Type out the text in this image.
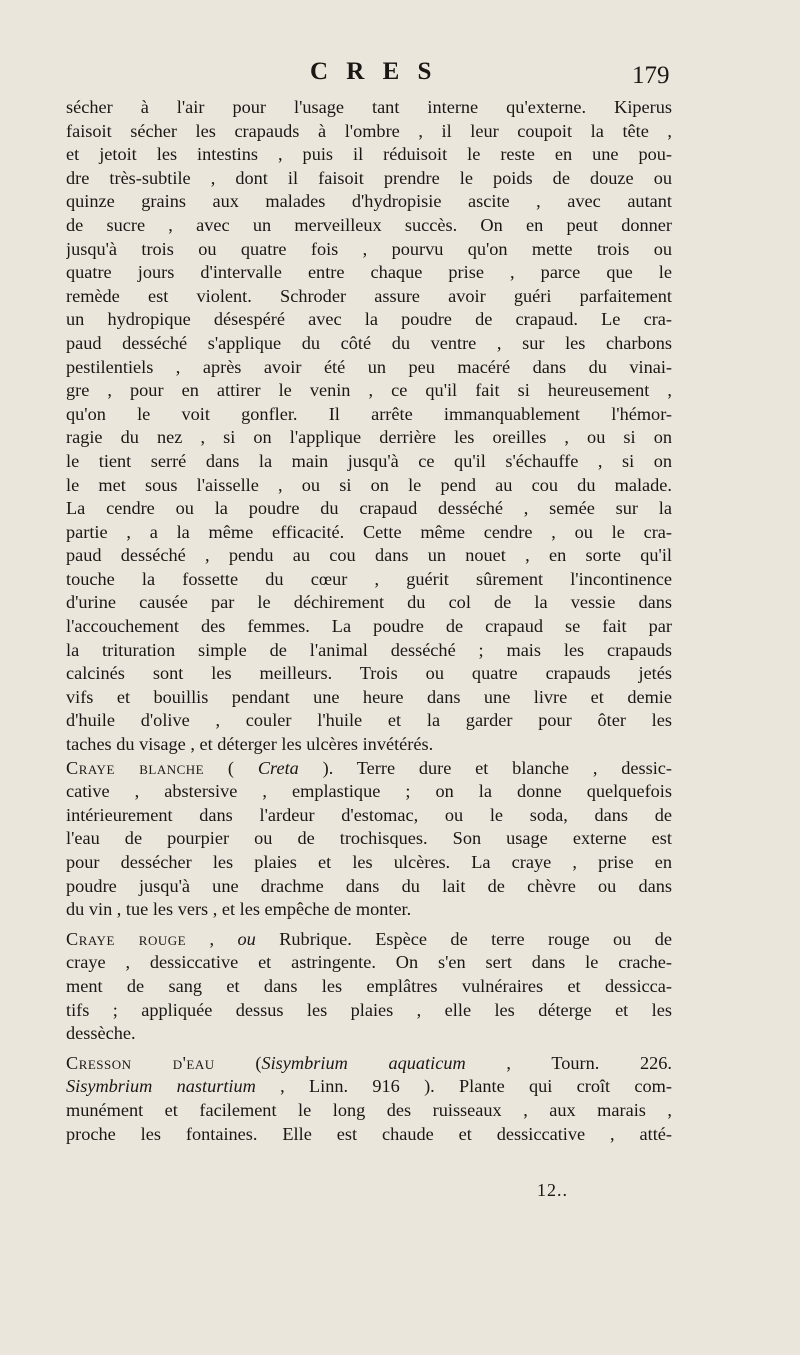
C R E S	179
sécher à l'air pour l'usage tant interne qu'externe. Kiperus
faisoit sécher les crapauds à l'ombre , il leur coupoit la tête ,
et jetoit les intestins , puis il réduisoit le reste en une pou-
dre très-subtile , dont il faisoit prendre le poids de douze ou
quinze grains aux malades d'hydropisie ascite , avec autant
de sucre , avec un merveilleux succès. On en peut donner
jusqu'à trois ou quatre fois , pourvu qu'on mette trois ou
quatre jours d'intervalle entre chaque prise , parce que le
remède est violent. Schroder assure avoir guéri parfaitement
un hydropique désespéré avec la poudre de crapaud. Le cra-
paud desséché s'applique du côté du ventre , sur les charbons
pestilentiels , après avoir été un peu macéré dans du vinai-
gre , pour en attirer le venin , ce qu'il fait si heureusement ,
qu'on le voit gonfler. Il arrête immanquablement l'hémor-
ragie du nez , si on l'applique derrière les oreilles , ou si on
le tient serré dans la main jusqu'à ce qu'il s'échauffe , si on
le met sous l'aisselle , ou si on le pend au cou du malade.
La cendre ou la poudre du crapaud desséché , semée sur la
partie , a la même efficacité. Cette même cendre , ou le cra-
paud desséché , pendu au cou dans un nouet , en sorte qu'il
touche la fossette du cœur , guérit sûrement l'incontinence
d'urine causée par le déchirement du col de la vessie dans
l'accouchement des femmes. La poudre de crapaud se fait par
la trituration simple de l'animal desséché ; mais les crapauds
calcinés sont les meilleurs. Trois ou quatre crapauds jetés
vifs et bouillis pendant une heure dans une livre et demie
d'huile d'olive , couler l'huile et la garder pour ôter les
taches du visage , et déterger les ulcères invétérés.
Craye blanche ( Creta ). Terre dure et blanche , dessic-
cative , abstersive , emplastique ; on la donne quelquefois
intérieurement dans l'ardeur d'estomac, ou le soda, dans de
l'eau de pourpier ou de trochisques. Son usage externe est
pour dessécher les plaies et les ulcères. La craye , prise en
poudre jusqu'à une drachme dans du lait de chèvre ou dans
du vin , tue les vers , et les empêche de monter.
Craye rouge , ou Rubrique. Espèce de terre rouge ou de
craye , dessiccative et astringente. On s'en sert dans le crache-
ment de sang et dans les emplâtres vulnéraires et dessicca-
tifs ; appliquée dessus les plaies , elle les déterge et les
dessèche.
Cresson d'eau (Sisymbrium aquaticum , Tourn. 226.
Sisymbrium nasturtium , Linn. 916 ). Plante qui croît com-
munément et facilement le long des ruisseaux , aux marais ,
proche les fontaines. Elle est chaude et dessiccative , atté-
12..
